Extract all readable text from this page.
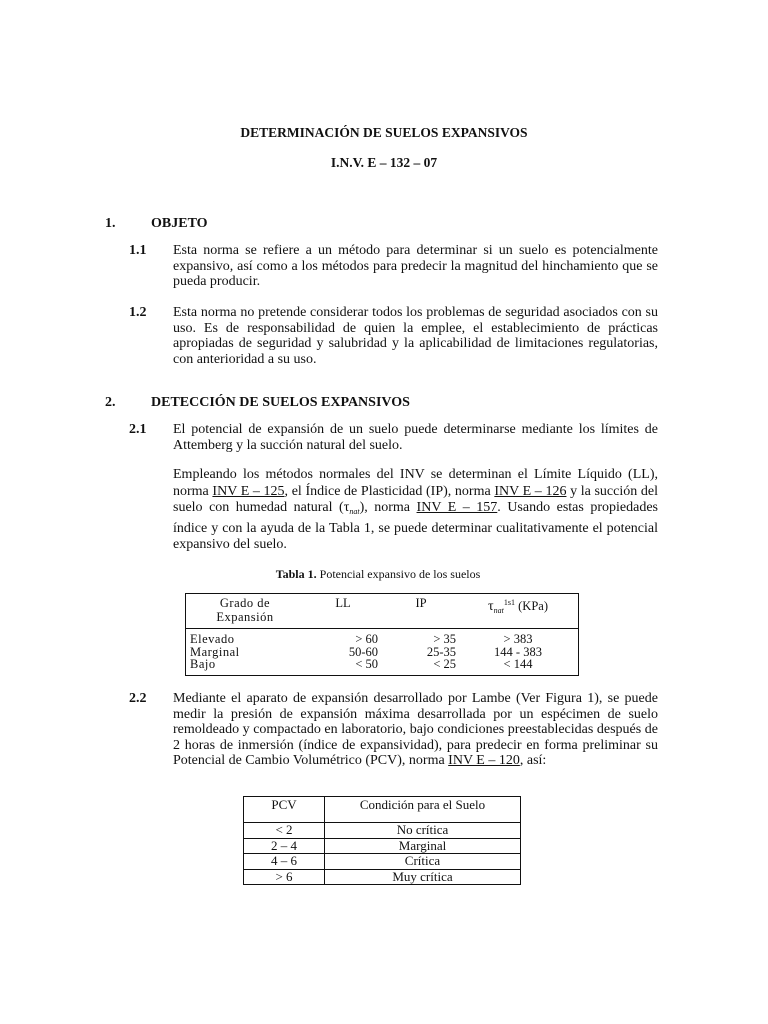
DETERMINACIÓN DE SUELOS EXPANSIVOS
I.N.V. E – 132 – 07
1.	OBJETO
1.1 Esta norma se refiere a un método para determinar si un suelo es potencialmente expansivo, así como a los métodos para predecir la magnitud del hinchamiento que se pueda producir.
1.2 Esta norma no pretende considerar todos los problemas de seguridad asociados con su uso. Es de responsabilidad de quien la emplee, el establecimiento de prácticas apropiadas de seguridad y salubridad y la aplicabilidad de limitaciones regulatorias, con anterioridad a su uso.
2.	DETECCIÓN DE SUELOS EXPANSIVOS
2.1 El potencial de expansión de un suelo puede determinarse mediante los límites de Attemberg y la succión natural del suelo.
Empleando los métodos normales del INV se determinan el Límite Líquido (LL), norma INV E – 125, el Índice de Plasticidad (IP), norma INV E – 126 y la succión del suelo con humedad natural $(\tau_{nat})$, norma INV E – 157. Usando estas propiedades índice y con la ayuda de la Tabla 1, se puede determinar cualitativamente el potencial expansivo del suelo.
Tabla 1. Potencial expansivo de los suelos
Grado de Expansión	LL	IP	$\tau_{nat}^{1s1}$ (KPa)
Elevado	> 60	> 35	> 383
Marginal	50-60	25-35	144 - 383
Bajo	< 50	< 25	< 144
2.2 Mediante el aparato de expansión desarrollado por Lambe (Ver Figura 1), se puede medir la presión de expansión máxima desarrollada por un espécimen de suelo remoldeado y compactado en laboratorio, bajo condiciones preestablecidas después de 2 horas de inmersión (índice de expansividad), para predecir en forma preliminar su Potencial de Cambio Volumétrico (PCV), norma INV E – 120, así:
PCV	Condición para el Suelo
< 2	No crítica
2 – 4	Marginal
4 – 6	Crítica
> 6	Muy crítica
